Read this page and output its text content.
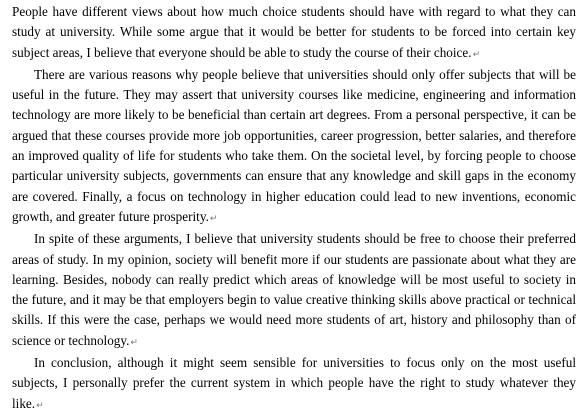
People have different views about how much choice students should have with regard to what they can study at university. While some argue that it would be better for students to be forced into certain key subject areas, I believe that everyone should be able to study the course of their choice.↵

There are various reasons why people believe that universities should only offer subjects that will be useful in the future. They may assert that university courses like medicine, engineering and information technology are more likely to be beneficial than certain art degrees. From a personal perspective, it can be argued that these courses provide more job opportunities, career progression, better salaries, and therefore an improved quality of life for students who take them. On the societal level, by forcing people to choose particular university subjects, governments can ensure that any knowledge and skill gaps in the economy are covered. Finally, a focus on technology in higher education could lead to new inventions, economic growth, and greater future prosperity.↵

In spite of these arguments, I believe that university students should be free to choose their preferred areas of study. In my opinion, society will benefit more if our students are passionate about what they are learning. Besides, nobody can really predict which areas of knowledge will be most useful to society in the future, and it may be that employers begin to value creative thinking skills above practical or technical skills. If this were the case, perhaps we would need more students of art, history and philosophy than of science or technology.↵

In conclusion, although it might seem sensible for universities to focus only on the most useful subjects, I personally prefer the current system in which people have the right to study whatever they like.↵
